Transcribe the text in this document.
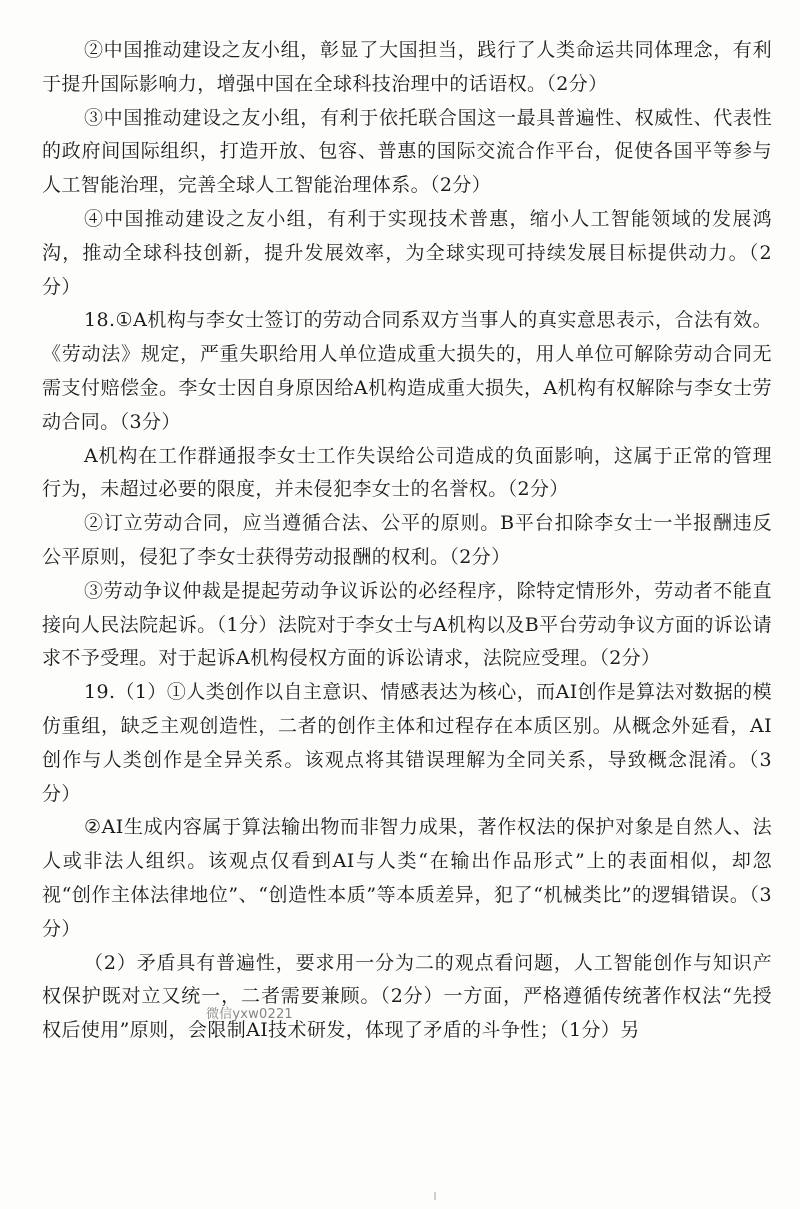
②中国推动建设之友小组，彰显了大国担当，践行了人类命运共同体理念，有利于提升国际影响力，增强中国在全球科技治理中的话语权。（2分）

③中国推动建设之友小组，有利于依托联合国这一最具普遍性、权威性、代表性的政府间国际组织，打造开放、包容、普惠的国际交流合作平台，促使各国平等参与人工智能治理，完善全球人工智能治理体系。（2分）

④中国推动建设之友小组，有利于实现技术普惠，缩小人工智能领域的发展鸿沟，推动全球科技创新，提升发展效率，为全球实现可持续发展目标提供动力。（2分）

18.①A机构与李女士签订的劳动合同系双方当事人的真实意思表示，合法有效。《劳动法》规定，严重失职给用人单位造成重大损失的，用人单位可解除劳动合同无需支付赔偿金。李女士因自身原因给A机构造成重大损失，A机构有权解除与李女士劳动合同。（3分）

A机构在工作群通报李女士工作失误给公司造成的负面影响，这属于正常的管理行为，未超过必要的限度，并未侵犯李女士的名誉权。（2分）

②订立劳动合同，应当遵循合法、公平的原则。B平台扣除李女士一半报酬违反公平原则，侵犯了李女士获得劳动报酬的权利。（2分）

③劳动争议仲裁是提起劳动争议诉讼的必经程序，除特定情形外，劳动者不能直接向人民法院起诉。（1分）法院对于李女士与A机构以及B平台劳动争议方面的诉讼请求不予受理。对于起诉A机构侵权方面的诉讼请求，法院应受理。（2分）

19.（1）①人类创作以自主意识、情感表达为核心，而AI创作是算法对数据的模仿重组，缺乏主观创造性，二者的创作主体和过程存在本质区别。从概念外延看，AI创作与人类创作是全异关系。该观点将其错误理解为全同关系，导致概念混淆。（3分）

②AI生成内容属于算法输出物而非智力成果，著作权法的保护对象是自然人、法人或非法人组织。该观点仅看到AI与人类“在输出作品形式”上的表面相似，却忽视“创作主体法律地位”、“创造性本质”等本质差异，犯了“机械类比”的逻辑错误。（3分）

（2）矛盾具有普遍性，要求用一分为二的观点看问题，人工智能创作与知识产权保护既对立又统一，二者需要兼顾。（2分）一方面，严格遵循传统著作权法“先授权后使用”原则，会限制AI技术研发，体现了矛盾的斗争性；（1分）另

微信yxw0221
